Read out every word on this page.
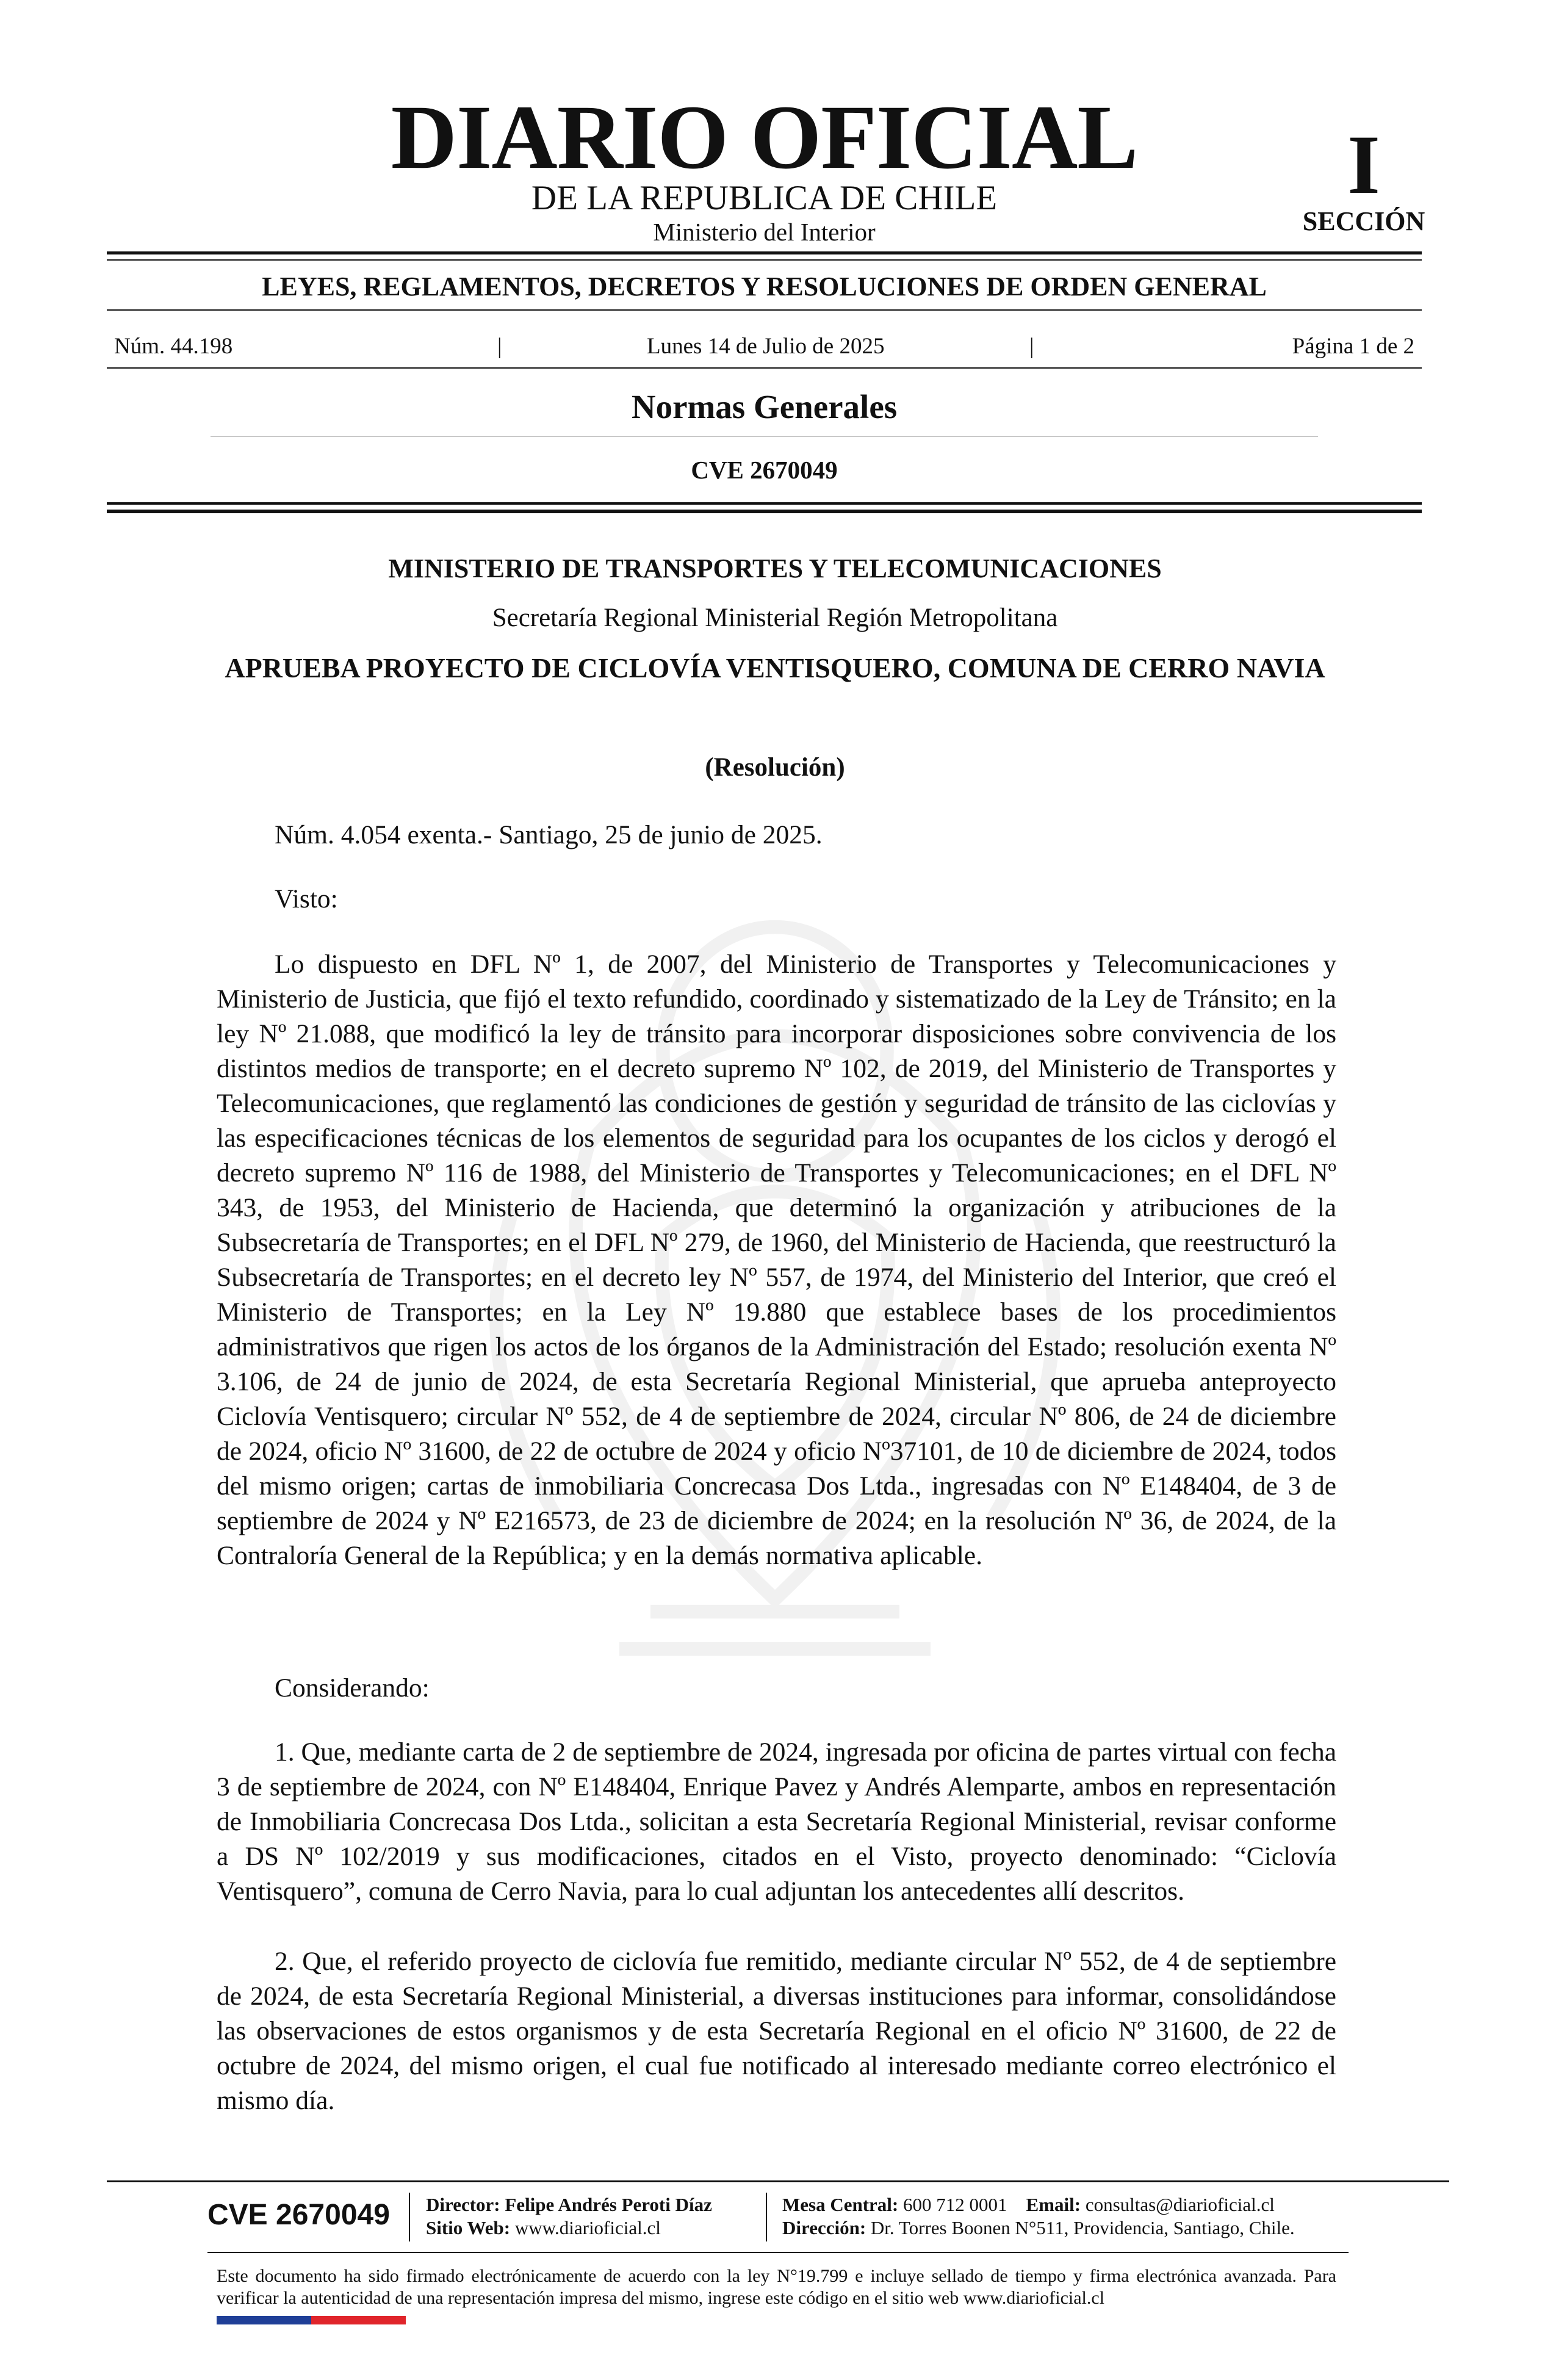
DIARIO OFICIAL
DE LA REPUBLICA DE CHILE
Ministerio del Interior
I
SECCIÓN
LEYES, REGLAMENTOS, DECRETOS Y RESOLUCIONES DE ORDEN GENERAL
Núm. 44.198	|	Lunes 14 de Julio de 2025	|	Página 1 de 2
Normas Generales
CVE 2670049
MINISTERIO DE TRANSPORTES Y TELECOMUNICACIONES
Secretaría Regional Ministerial Región Metropolitana
APRUEBA PROYECTO DE CICLOVÍA VENTISQUERO, COMUNA DE CERRO NAVIA
(Resolución)
Núm. 4.054 exenta.- Santiago, 25 de junio de 2025.
Visto:
Lo dispuesto en DFL Nº 1, de 2007, del Ministerio de Transportes y Telecomunicaciones y Ministerio de Justicia, que fijó el texto refundido, coordinado y sistematizado de la Ley de Tránsito; en la ley Nº 21.088, que modificó la ley de tránsito para incorporar disposiciones sobre convivencia de los distintos medios de transporte; en el decreto supremo Nº 102, de 2019, del Ministerio de Transportes y Telecomunicaciones, que reglamentó las condiciones de gestión y seguridad de tránsito de las ciclovías y las especificaciones técnicas de los elementos de seguridad para los ocupantes de los ciclos y derogó el decreto supremo Nº 116 de 1988, del Ministerio de Transportes y Telecomunicaciones; en el DFL Nº 343, de 1953, del Ministerio de Hacienda, que determinó la organización y atribuciones de la Subsecretaría de Transportes; en el DFL Nº 279, de 1960, del Ministerio de Hacienda, que reestructuró la Subsecretaría de Transportes; en el decreto ley Nº 557, de 1974, del Ministerio del Interior, que creó el Ministerio de Transportes; en la Ley Nº 19.880 que establece bases de los procedimientos administrativos que rigen los actos de los órganos de la Administración del Estado; resolución exenta Nº 3.106, de 24 de junio de 2024, de esta Secretaría Regional Ministerial, que aprueba anteproyecto Ciclovía Ventisquero; circular Nº 552, de 4 de septiembre de 2024, circular Nº 806, de 24 de diciembre de 2024, oficio Nº 31600, de 22 de octubre de 2024 y oficio Nº37101, de 10 de diciembre de 2024, todos del mismo origen; cartas de inmobiliaria Concrecasa Dos Ltda., ingresadas con Nº E148404, de 3 de septiembre de 2024 y Nº E216573, de 23 de diciembre de 2024; en la resolución Nº 36, de 2024, de la Contraloría General de la República; y en la demás normativa aplicable.
Considerando:
1. Que, mediante carta de 2 de septiembre de 2024, ingresada por oficina de partes virtual con fecha 3 de septiembre de 2024, con Nº E148404, Enrique Pavez y Andrés Alemparte, ambos en representación de Inmobiliaria Concrecasa Dos Ltda., solicitan a esta Secretaría Regional Ministerial, revisar conforme a DS Nº 102/2019 y sus modificaciones, citados en el Visto, proyecto denominado: “Ciclovía Ventisquero”, comuna de Cerro Navia, para lo cual adjuntan los antecedentes allí descritos.
2. Que, el referido proyecto de ciclovía fue remitido, mediante circular Nº 552, de 4 de septiembre de 2024, de esta Secretaría Regional Ministerial, a diversas instituciones para informar, consolidándose las observaciones de estos organismos y de esta Secretaría Regional en el oficio Nº 31600, de 22 de octubre de 2024, del mismo origen, el cual fue notificado al interesado mediante correo electrónico el mismo día.
CVE 2670049 Director: Felipe Andrés Peroti Díaz
Sitio Web: www.diarioficial.cl
Mesa Central: 600 712 0001 Email: consultas@diarioficial.cl
Dirección: Dr. Torres Boonen N°511, Providencia, Santiago, Chile.
Este documento ha sido firmado electrónicamente de acuerdo con la ley N°19.799 e incluye sellado de tiempo y firma electrónica avanzada. Para verificar la autenticidad de una representación impresa del mismo, ingrese este código en el sitio web www.diarioficial.cl
